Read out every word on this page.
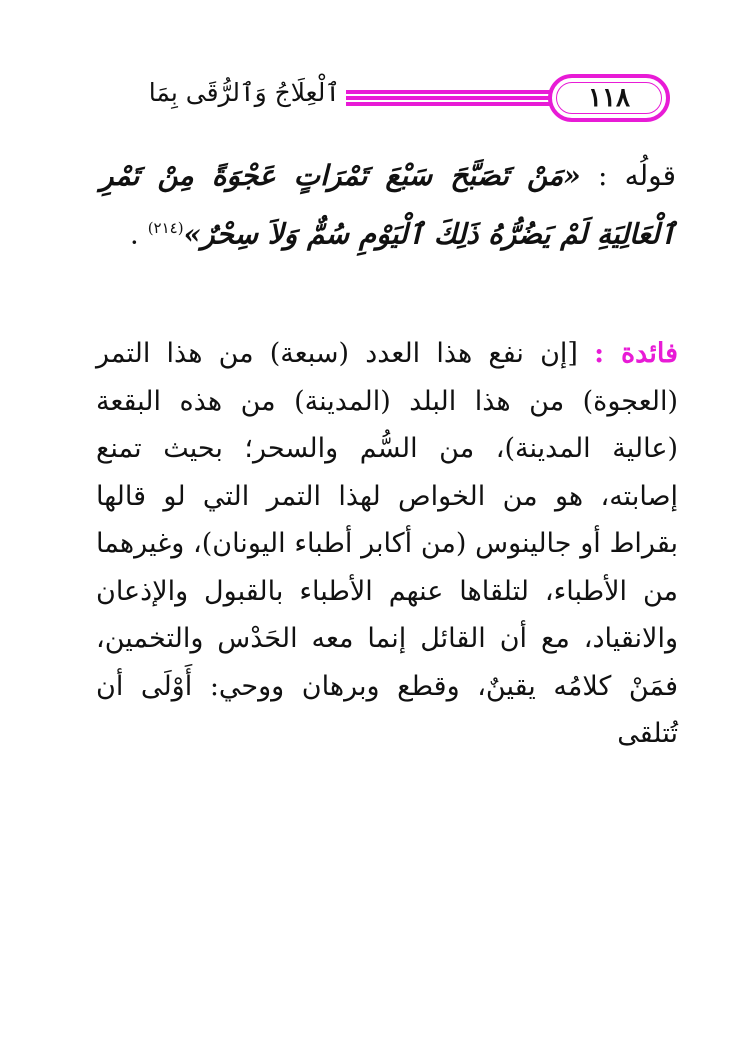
١١٨
ٱلْعِلَاجُ وَٱلرُّقَى بِمَا
قولُه : «مَنْ تَصَبَّحَ سَبْعَ تَمْرَاتٍ عَجْوَةً مِنْ تَمْرِ ٱلْعَالِيَةِ لَمْ يَضُرُّهُ ذَلِكَ ٱلْيَوْمِ سُمٌّ وَلاَ سِحْرٌ»$^{(٢١٤)}$ .
فائدة : [إن نفع هذا العدد (سبعة) من هذا التمر (العجوة) من هذا البلد (المدينة) من هذه البقعة (عالية المدينة)، من السُّم والسحر؛ بحيث تمنع إصابته، هو من الخواص لهذا التمر التي لو قالها بقراط أو جالينوس (من أكابر أطباء اليونان)، وغيرهما من الأطباء، لتلقاها عنهم الأطباء بالقبول والإذعان والانقياد، مع أن القائل إنما معه الحَدْس والتخمين، فمَنْ كلامُه يقينٌ، وقطع وبرهان ووحي: أَوْلَى أن تُتلقى
